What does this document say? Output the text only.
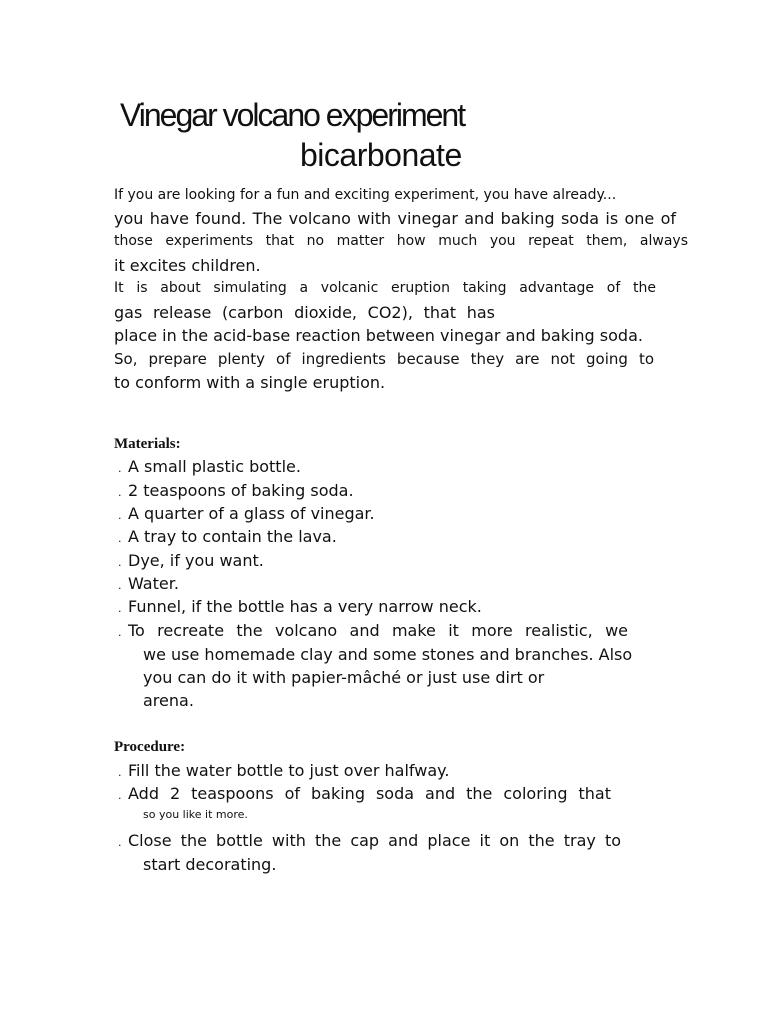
Vinegar volcano experiment
bicarbonate
If you are looking for a fun and exciting experiment, you have already...
you have found. The volcano with vinegar and baking soda is one of
those experiments that no matter how much you repeat them, always
it excites children.
It is about simulating a volcanic eruption taking advantage of the
gas release (carbon dioxide, CO2), that has
place in the acid-base reaction between vinegar and baking soda.
So, prepare plenty of ingredients because they are not going to
to conform with a single eruption.
Materials:
. A small plastic bottle.
. 2 teaspoons of baking soda.
. A quarter of a glass of vinegar.
. A tray to contain the lava.
. Dye, if you want.
. Water.
. Funnel, if the bottle has a very narrow neck.
. To recreate the volcano and make it more realistic, we
we use homemade clay and some stones and branches. Also
you can do it with papier-mâché or just use dirt or
arena.
Procedure:
. Fill the water bottle to just over halfway.
. Add 2 teaspoons of baking soda and the coloring that
so you like it more.
. Close the bottle with the cap and place it on the tray to
start decorating.
